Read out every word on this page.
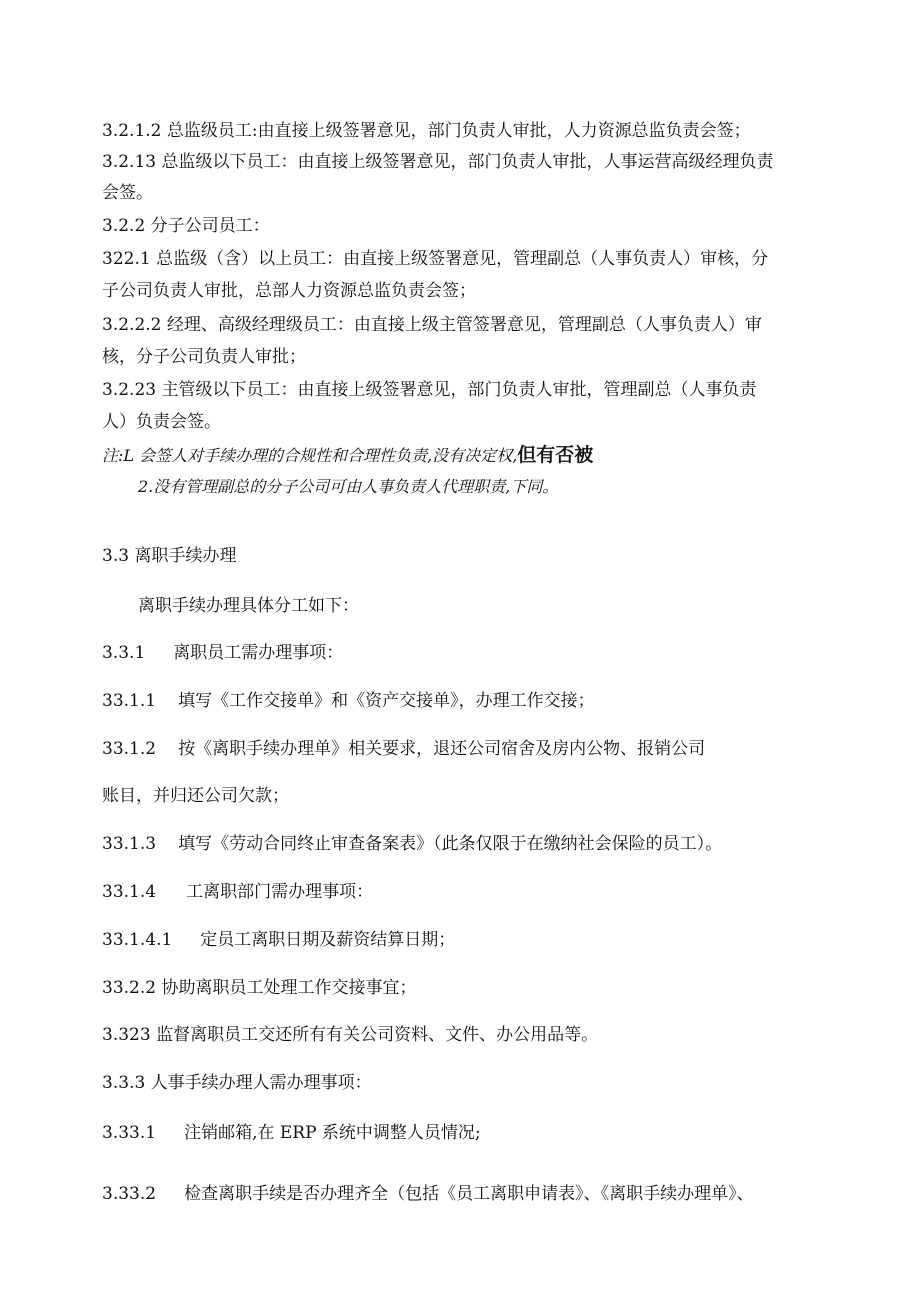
3.2.1.2 总监级员工:由直接上级签署意见，部门负责人审批，人力资源总监负责会签；
3.2.13 总监级以下员工：由直接上级签署意见，部门负责人审批，人事运营高级经理负责
会签。
3.2.2 分子公司员工：
322.1 总监级（含）以上员工：由直接上级签署意见，管理副总（人事负责人）审核，分
子公司负责人审批，总部人力资源总监负责会签；
3.2.2.2 经理、高级经理级员工：由直接上级主管签署意见，管理副总（人事负责人）审
核，分子公司负责人审批；
3.2.23 主管级以下员工：由直接上级签署意见，部门负责人审批，管理副总（人事负责
人）负责会签。
注:L 会签人对手续办理的合规性和合理性负责,没有决定权,但有否被
2.没有管理副总的分子公司可由人事负责人代理职责,下同。
3.3 离职手续办理
离职手续办理具体分工如下：
3.3.1 离职员工需办理事项：
33.1.1 填写《工作交接单》和《资产交接单》，办理工作交接；
33.1.2 按《离职手续办理单》相关要求，退还公司宿舍及房内公物、报销公司
账目，并归还公司欠款；
33.1.3 填写《劳动合同终止审查备案表》（此条仅限于在缴纳社会保险的员工）。
33.1.4 工离职部门需办理事项：
33.1.4.1 定员工离职日期及薪资结算日期；
33.2.2 协助离职员工处理工作交接事宜；
3.323 监督离职员工交还所有有关公司资料、文件、办公用品等。
3.3.3 人事手续办理人需办理事项：
3.33.1 注销邮箱,在 ERP 系统中调整人员情况;
3.33.2 检查离职手续是否办理齐全（包括《员工离职申请表》、《离职手续办理单》、
